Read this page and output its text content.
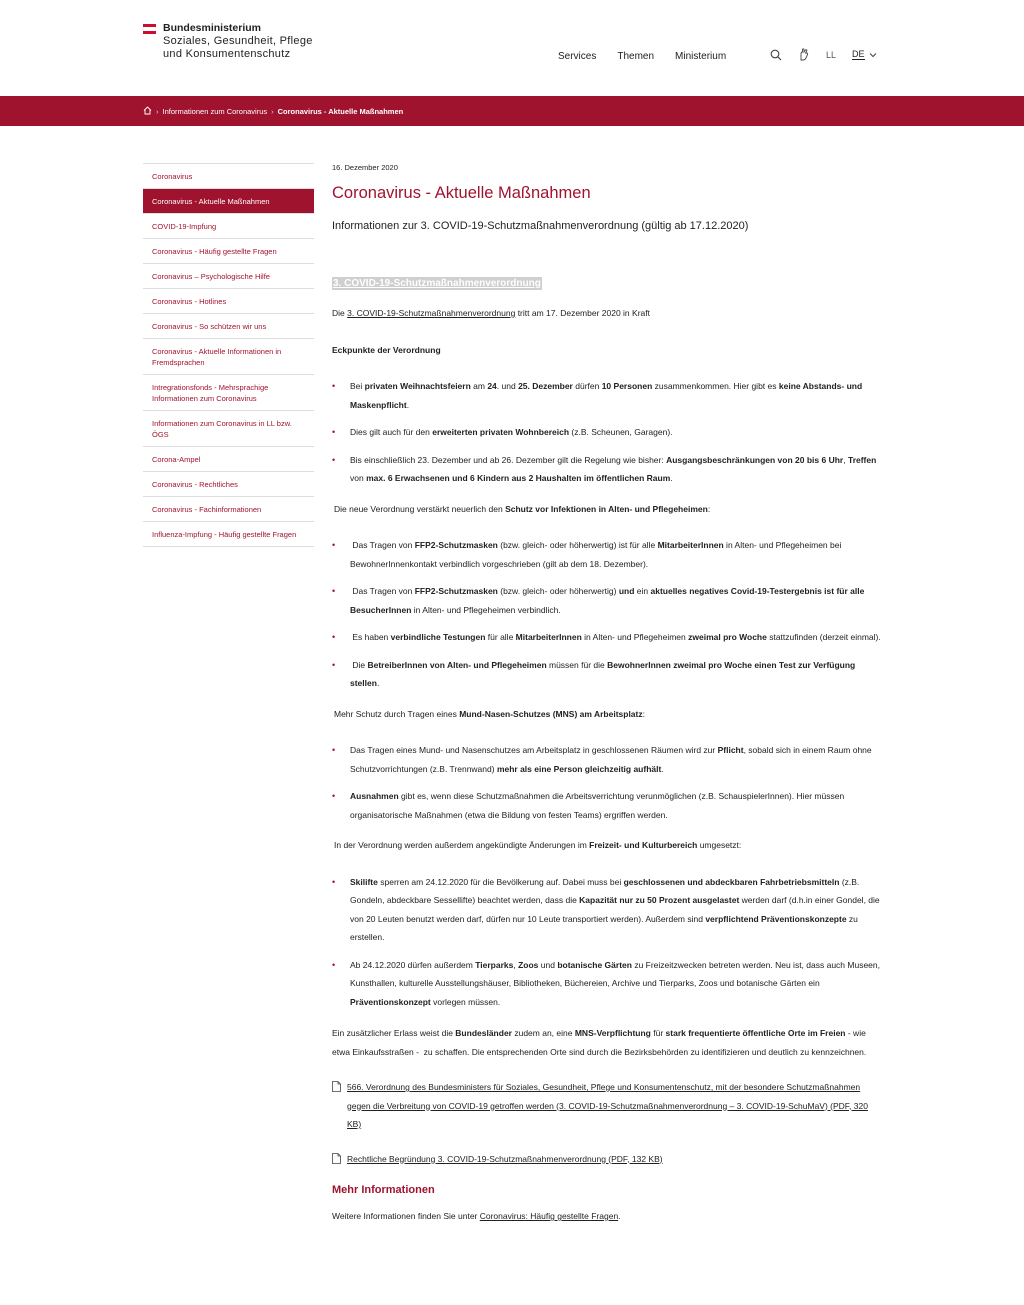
Bundesministerium
Soziales, Gesundheit, Pflege
und Konsumentenschutz	Services Themen Ministerium	LL DE
› Informationen zum Coronavirus › Coronavirus - Aktuelle Maßnahmen
Coronavirus
Coronavirus - Aktuelle Maßnahmen
COVID-19-Impfung
Coronavirus - Häufig gestellte Fragen
Coronavirus – Psychologische Hilfe
Coronavirus - Hotlines
Coronavirus - So schützen wir uns
Coronavirus - Aktuelle Informationen in Fremdsprachen
Intregrationsfonds - Mehrsprachige Informationen zum Coronavirus
Informationen zum Coronavirus in LL bzw. ÖGS
Corona-Ampel
Coronavirus - Rechtliches
Coronavirus - Fachinformationen
Influenza-Impfung - Häufig gestellte Fragen
16. Dezember 2020
Coronavirus - Aktuelle Maßnahmen
Informationen zur 3. COVID-19-Schutzmaßnahmenverordnung (gültig ab 17.12.2020)
3. COVID-19-Schutzmaßnahmenverordnung

Die 3. COVID-19-Schutzmaßnahmenverordnung tritt am 17. Dezember 2020 in Kraft

Eckpunkte der Verordnung

• Bei privaten Weihnachtsfeiern am 24. und 25. Dezember dürfen 10 Personen zusammenkommen. Hier gibt es keine Abstands- und Maskenpflicht.
• Dies gilt auch für den erweiterten privaten Wohnbereich (z.B. Scheunen, Garagen).
• Bis einschließlich 23. Dezember und ab 26. Dezember gilt die Regelung wie bisher: Ausgangsbeschränkungen von 20 bis 6 Uhr, Treffen von max. 6 Erwachsenen und 6 Kindern aus 2 Haushalten im öffentlichen Raum.

Die neue Verordnung verstärkt neuerlich den Schutz vor Infektionen in Alten- und Pflegeheimen:

•  Das Tragen von FFP2-Schutzmasken (bzw. gleich- oder höherwertig) ist für alle MitarbeiterInnen in Alten- und Pflegeheimen bei BewohnerInnenkontakt verbindlich vorgeschrieben (gilt ab dem 18. Dezember).
•  Das Tragen von FFP2-Schutzmasken (bzw. gleich- oder höherwertig) und ein aktuelles negatives Covid-19-Testergebnis ist für alle BesucherInnen in Alten- und Pflegeheimen verbindlich.
•  Es haben verbindliche Testungen für alle MitarbeiterInnen in Alten- und Pflegeheimen zweimal pro Woche stattzufinden (derzeit einmal).
•  Die BetreiberInnen von Alten- und Pflegeheimen müssen für die BewohnerInnen zweimal pro Woche einen Test zur Verfügung stellen.

Mehr Schutz durch Tragen eines Mund-Nasen-Schutzes (MNS) am Arbeitsplatz:

• Das Tragen eines Mund- und Nasenschutzes am Arbeitsplatz in geschlossenen Räumen wird zur Pflicht, sobald sich in einem Raum ohne Schutzvorrichtungen (z.B. Trennwand) mehr als eine Person gleichzeitig aufhält.
• Ausnahmen gibt es, wenn diese Schutzmaßnahmen die Arbeitsverrichtung verunmöglichen (z.B. SchauspielerInnen). Hier müssen organisatorische Maßnahmen (etwa die Bildung von festen Teams) ergriffen werden.

In der Verordnung werden außerdem angekündigte Änderungen im Freizeit- und Kulturbereich umgesetzt:

• Skilifte sperren am 24.12.2020 für die Bevölkerung auf. Dabei muss bei geschlossenen und abdeckbaren Fahrbetriebsmitteln (z.B. Gondeln, abdeckbare Sessellifte) beachtet werden, dass die Kapazität nur zu 50 Prozent ausgelastet werden darf (d.h.in einer Gondel, die von 20 Leuten benutzt werden darf, dürfen nur 10 Leute transportiert werden). Außerdem sind verpflichtend Präventionskonzepte zu erstellen.
• Ab 24.12.2020 dürfen außerdem Tierparks, Zoos und botanische Gärten zu Freizeitzwecken betreten werden. Neu ist, dass auch Museen, Kunsthallen, kulturelle Ausstellungshäuser, Bibliotheken, Büchereien, Archive und Tierparks, Zoos und botanische Gärten ein Präventionskonzept vorlegen müssen.

Ein zusätzlicher Erlass weist die Bundesländer zudem an, eine MNS-Verpflichtung für stark frequentierte öffentliche Orte im Freien - wie etwa Einkaufsstraßen -  zu schaffen. Die entsprechenden Orte sind durch die Bezirksbehörden zu identifizieren und deutlich zu kennzeichnen.

566. Verordnung des Bundesministers für Soziales, Gesundheit, Pflege und Konsumentenschutz, mit der besondere Schutzmaßnahmen gegen die Verbreitung von COVID-19 getroffen werden (3. COVID-19-Schutzmaßnahmenverordnung – 3. COVID-19-SchuMaV) (PDF, 320 KB)
Rechtliche Begründung 3. COVID-19-Schutzmaßnahmenverordnung (PDF, 132 KB)
Mehr Informationen

Weitere Informationen finden Sie unter Coronavirus: Häufig gestellte Fragen.
